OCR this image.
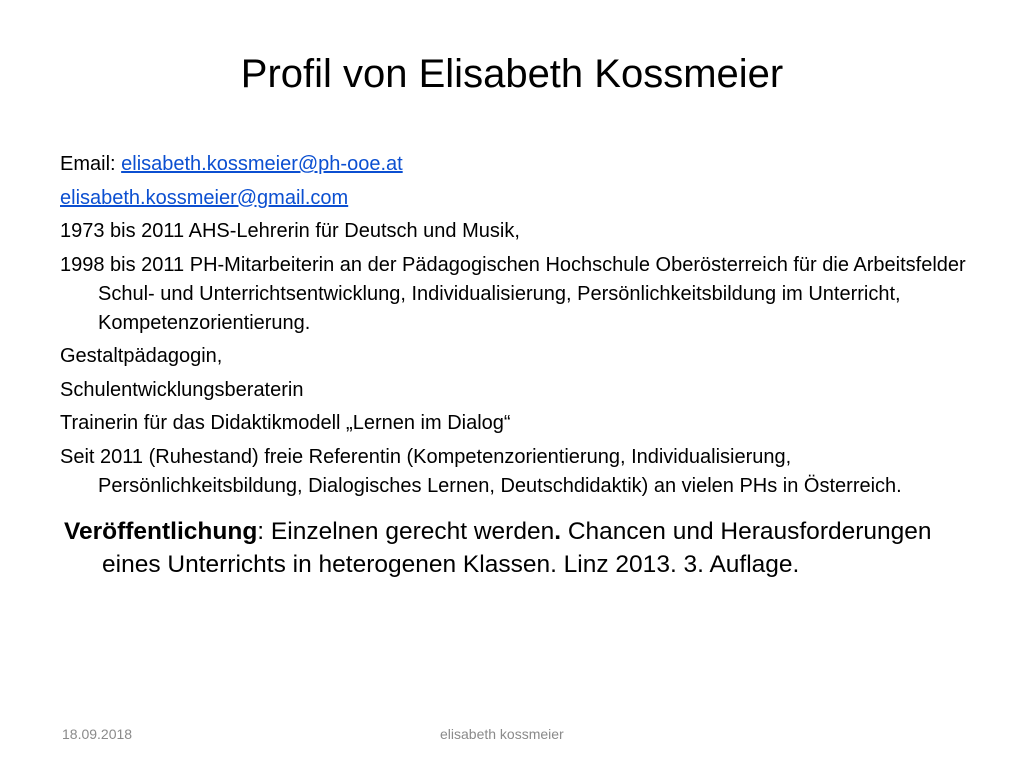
Profil von Elisabeth Kossmeier

Email: elisabeth.kossmeier@ph-ooe.at

elisabeth.kossmeier@gmail.com

1973 bis 2011 AHS-Lehrerin für Deutsch und Musik,

1998 bis 2011 PH-Mitarbeiterin an der Pädagogischen Hochschule Oberösterreich für die Arbeitsfelder Schul- und Unterrichtsentwicklung, Individualisierung, Persönlichkeitsbildung im Unterricht, Kompetenzorientierung.

Gestaltpädagogin,

Schulentwicklungsberaterin

Trainerin für das Didaktikmodell „Lernen im Dialog“

Seit 2011 (Ruhestand) freie Referentin (Kompetenzorientierung, Individualisierung, Persönlichkeitsbildung, Dialogisches Lernen, Deutschdidaktik) an vielen PHs in Österreich.

Veröffentlichung: Einzelnen gerecht werden. Chancen und Herausforderungen eines Unterrichts in heterogenen Klassen. Linz 2013. 3. Auflage.

18.09.2018	elisabeth kossmeier
